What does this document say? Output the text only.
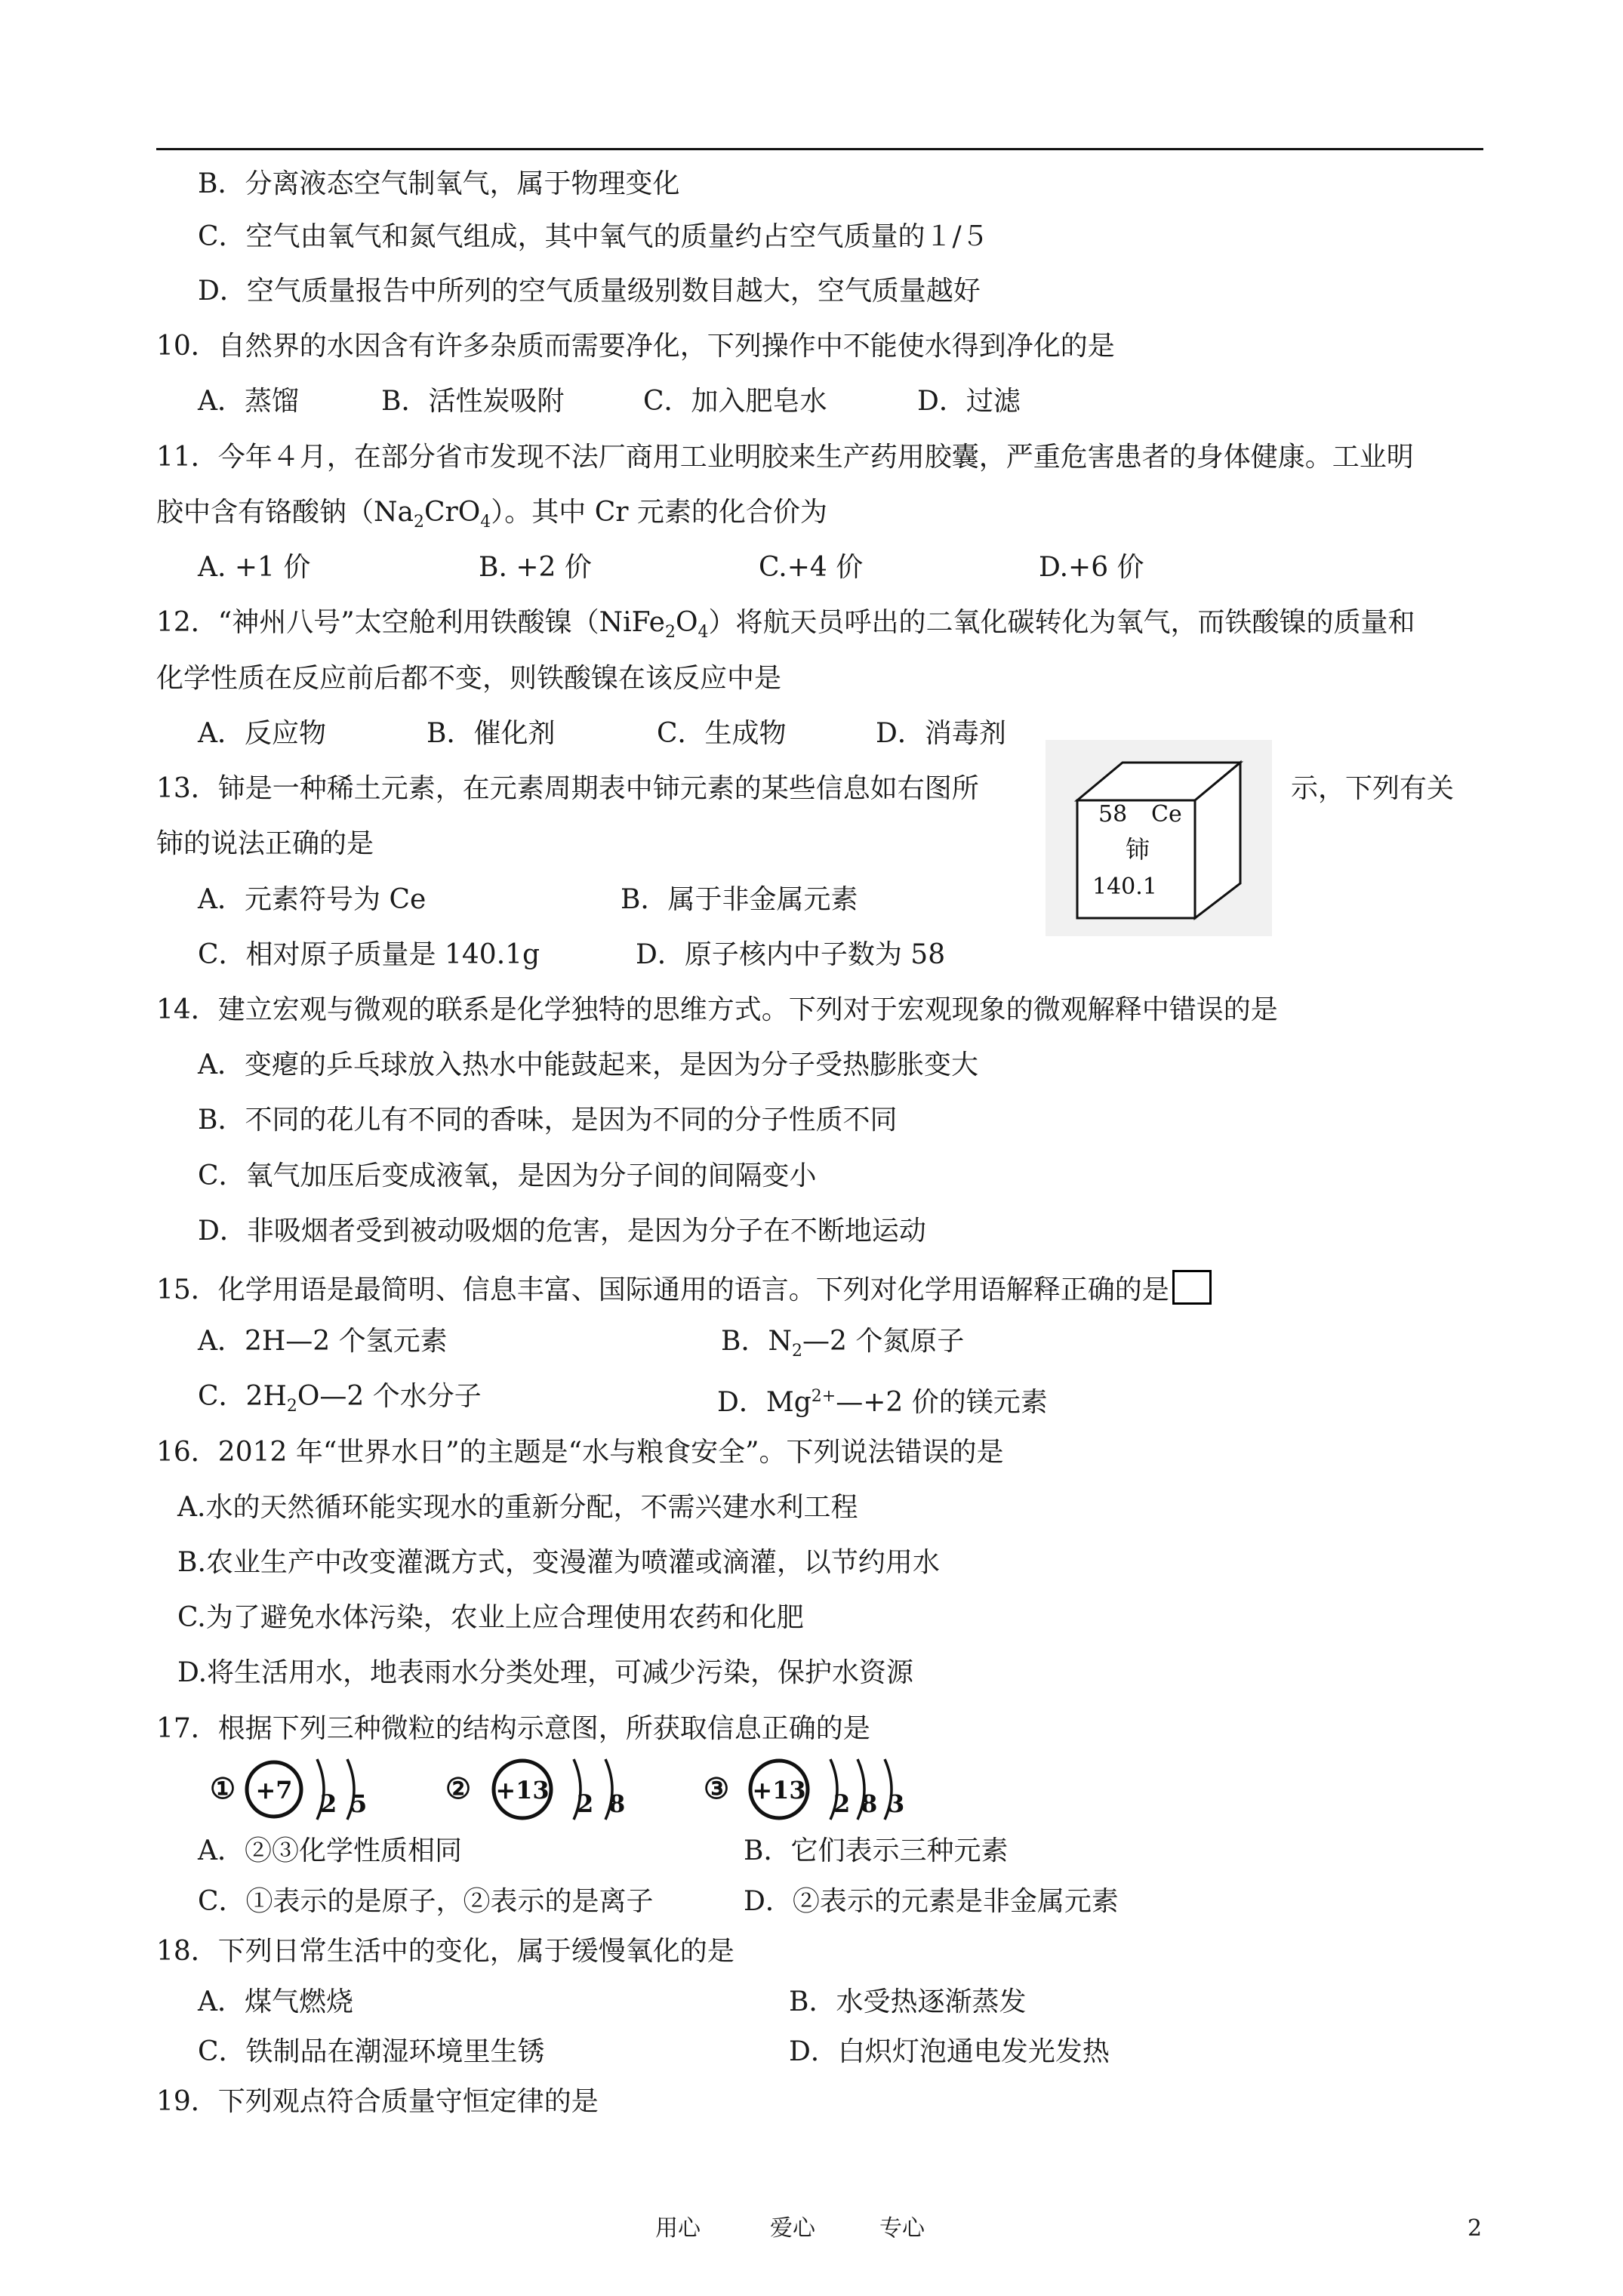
B．分离液态空气制氧气，属于物理变化
C．空气由氧气和氮气组成，其中氧气的质量约占空气质量的１/５
D．空气质量报告中所列的空气质量级别数目越大，空气质量越好
10．自然界的水因含有许多杂质而需要净化，下列操作中不能使水得到净化的是
A．蒸馏	B．活性炭吸附	C．加入肥皂水	D．过滤
11．今年４月，在部分省市发现不法厂商用工业明胶来生产药用胶囊，严重危害患者的身体健康。工业明
胶中含有铬酸钠$(Na_2CrO_4)$。其中 Cr 元素的化合价为
A. +1 价	B. +2 价	C.+4 价	D.+6 价
12．“神州八号”太空舱利用铁酸镍$(NiFe_2O_4)$将航天员呼出的二氧化碳转化为氧气，而铁酸镍的质量和
化学性质在反应前后都不变，则铁酸镍在该反应中是
A．反应物	B．催化剂	C．生成物	D．消毒剂
13．铈是一种稀土元素，在元素周期表中铈元素的某些信息如右图所	示，下列有关
铈的说法正确的是
A．元素符号为 Ce	B．属于非金属元素
C．相对原子质量是 140.1g	D．原子核内中子数为 58
58 Ce
铈
140.1
14．建立宏观与微观的联系是化学独特的思维方式。下列对于宏观现象的微观解释中错误的是
A．变瘪的乒乓球放入热水中能鼓起来，是因为分子受热膨胀变大
B．不同的花儿有不同的香味，是因为不同的分子性质不同
C．氧气加压后变成液氧，是因为分子间的间隔变小
D．非吸烟者受到被动吸烟的危害，是因为分子在不断地运动
15．化学用语是最简明、信息丰富、国际通用的语言。下列对化学用语解释正确的是
A．2H—2 个氢元素	B．$N_2—2$ 个氮原子
C．$2H_2O—2$ 个水分子	D．$Mg^{2+}—+2$ 价的镁元素
16．2012 年“世界水日”的主题是“水与粮食安全”。下列说法错误的是
A.水的天然循环能实现水的重新分配，不需兴建水利工程
B.农业生产中改变灌溉方式，变漫灌为喷灌或滴灌，以节约用水
C.为了避免水体污染，农业上应合理使用农药和化肥
D.将生活用水，地表雨水分类处理，可减少污染，保护水资源
17．根据下列三种微粒的结构示意图，所获取信息正确的是
① +7 2 5	② +13 2 8	③ +13 2 8 3
A．②③化学性质相同	B．它们表示三种元素
C．①表示的是原子，②表示的是离子	D．②表示的元素是非金属元素
18．下列日常生活中的变化，属于缓慢氧化的是
A．煤气燃烧	B．水受热逐渐蒸发
C．铁制品在潮湿环境里生锈	D．白炽灯泡通电发光发热
19．下列观点符合质量守恒定律的是
用心	爱心	专心	2
